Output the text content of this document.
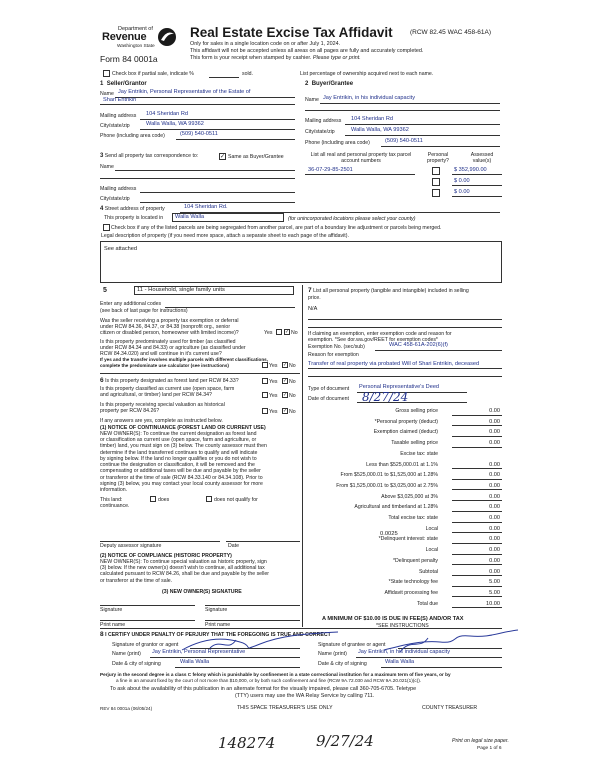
Department of
Revenue
Washington State
Form 84 0001a
Real Estate Excise Tax Affidavit	(RCW 82.45 WAC 458-61A)
Only for sales in a single location code on or after July 1, 2024.
This affidavit will not be accepted unless all areas on all pages are fully and accurately completed.
This form is your receipt when stamped by cashier. Please type or print.
Check box if partial sale, indicate %	sold.	List percentage of ownership acquired next to each name.
1 Seller/Grantor
Name Jay Entrikin, Personal Representative of the Estate of
Shari Entrikin
Mailing address 104 Sheridan Rd
City/state/zip	Walla Walla, WA 99362
Phone (including area code)	(509) 540-0511
2 Buyer/Grantee
Name Jay Entrikin, in his individual capacity
Mailing address 104 Sheridan Rd
City/state/zip	Walla Walla, WA 99362
Phone (including area code)	(509) 540-0511
3 Send all property tax correspondence to:	✓ Same as Buyer/Grantee
Name
Mailing address
City/state/zip
List all real and personal property tax parcel account numbers
Personal property?
Assessed value(s)
36-07-29-85-2501	$ 352,990.00
$ 0.00
$ 0.00
4 Street address of property	104 Sheridan Rd.
This property is located in Walla Walla	(for unincorporated locations please select your county)
Check box if any of the listed parcels are being segregated from another parcel, are part of a boundary line adjustment or parcels being merged.
Legal description of property (if you need more space, attach a separate sheet to each page of the affidavit).
See attached
5	11 - Household, single family units
Enter any additional codes
(see back of last page for instructions)
Was the seller receiving a property tax exemption or deferral
under RCW 84.36, 84.37, or 84.38 (nonprofit org., senior
citizen or disabled person, homeowner with limited income)?	Yes	✓ No
Is this property predominately used for timber (as classified
under RCW 84.34 and 84.33) or agriculture (as classified under
RCW 84.34.020) and will continue in it's current use?
If yes and the transfer involves multiple parcels with different classifications,
complete the predominate use calculator (see instructions)	Yes ✓ No
6 Is this property designated as forest land per RCW 84.33?	Yes ✓ No
Is this property classified as current use (open space, farm
and agricultural, or timber) land per RCW 84.34?	Yes ✓ No
Is this property receiving special valuation as historical
property per RCW 84.26?	Yes ✓ No
If any answers are yes, complete as instructed below.
(1) NOTICE OF CONTINUANCE (FOREST LAND OR CURRENT USE)
NEW OWNER(S): To continue the current designation as forest land
or classification as current use (open space, farm and agriculture, or
timber) land, you must sign on (3) below. The county assessor must then
determine if the land transferred continues to qualify and will indicate
by signing below. If the land no longer qualifies or you do not wish to
continue the designation or classification, it will be removed and the
compensating or additional taxes will be due and payable by the seller
or transferor at the time of sale (RCW 84.33.140 or 84.34.108). Prior to
signing (3) below, you may contact your local county assessor for more
information.
This land:	does	does not qualify for
continuance.
Deputy assessor signature	Date
(2) NOTICE OF COMPLIANCE (HISTORIC PROPERTY)
NEW OWNER(S): To continue special valuation as historic property, sign
(3) below. If the new owner(s) doesn't wish to continue, all additional tax
calculated pursuant to RCW 84.26, shall be due and payable by the seller
or transferor at the time of sale.
(3) NEW OWNER(S) SIGNATURE
Signature	Signature
Print name	Print name
7 List all personal property (tangible and intangible) included in selling
price.
N/A
If claiming an exemption, enter exemption code and reason for
exemption. *See dor.wa.gov/REET for exemption codes*
Exemption No. (sec/sub)	WAC 458-61A-202(6)(f)
Reason for exemption
Transfer of real property via probated Will of Shari Entrikin, deceased
Type of document Personal Representative's Deed
Date of document 8/27/24
Gross selling price	0.00
*Personal property (deduct)	0.00
Exemption claimed (deduct)	0.00
Taxable selling price	0.00
Excise tax: state
Less than $525,000.01 at 1.1%	0.00
From $525,000.01 to $1,525,000 at 1.28%	0.00
From $1,525,000.01 to $3,025,000 at 2.75%	0.00
Above $3,025,000 at 3%	0.00
Agricultural and timberland at 1.28%	0.00
Total excise tax: state	0.00
Local	0.00
*Delinquent interest: state	0.00
Local	0.00
*Delinquent penalty	0.00
Subtotal	0.00
*State technology fee	5.00
Affidavit processing fee	5.00
Total due	10.00
0.0025
A MINIMUM OF $10.00 IS DUE IN FEE(S) AND/OR TAX
*SEE INSTRUCTIONS
8 I CERTIFY UNDER PENALTY OF PERJURY THAT THE FOREGOING IS TRUE AND CORRECT
Signature of grantor or agent
Name (print) Jay Entrikin, Personal Representative
Date & city of signing	Walla Walla
Signature of grantee or agent
Name (print) Jay Entrikin, in his individual capacity
Date & city of signing	Walla Walla
Perjury in the second degree is a class C felony which is punishable by confinement in a state correctional institution for a maximum term of five years, or by
a fine in an amount fixed by the court of not more than $10,000, or by both such confinement and fine (RCW 9A.72.030 and RCW 9A.20.021(1)(c)).
To ask about the availability of this publication in an alternate format for the visually impaired, please call 360-705-6705. Teletype
(TTY) users may use the WA Relay Service by calling 711.
REV 84 0001a (06/05/24)	THIS SPACE TREASURER'S USE ONLY	COUNTY TREASURER
148274	9/27/24	Print on legal size paper.
Page 1 of 6
